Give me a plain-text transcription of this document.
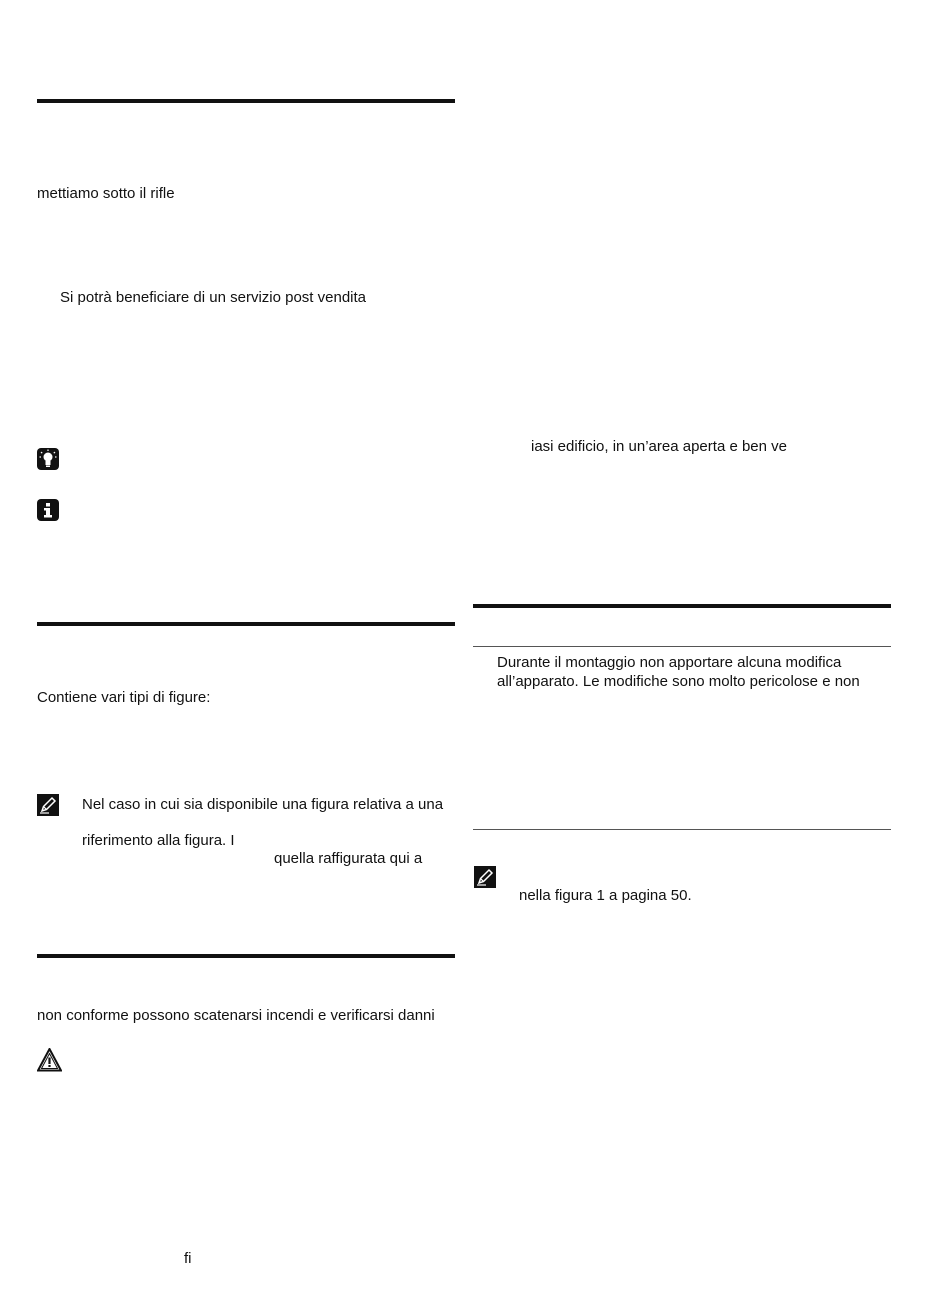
mettiamo sotto il rifle
Si potrà beneficiare di un servizio post vendita
Contiene vari tipi di figure:
Nel caso in cui sia disponibile una figura relativa a una
riferimento alla figura. I
quella raffigurata qui a
non conforme possono scatenarsi incendi e verificarsi danni
fi
iasi edificio, in un’area aperta e ben ve
Durante il montaggio non apportare alcuna modifica
all’apparato. Le modifiche sono molto pericolose e non
nella figura 1 a pagina 50.
